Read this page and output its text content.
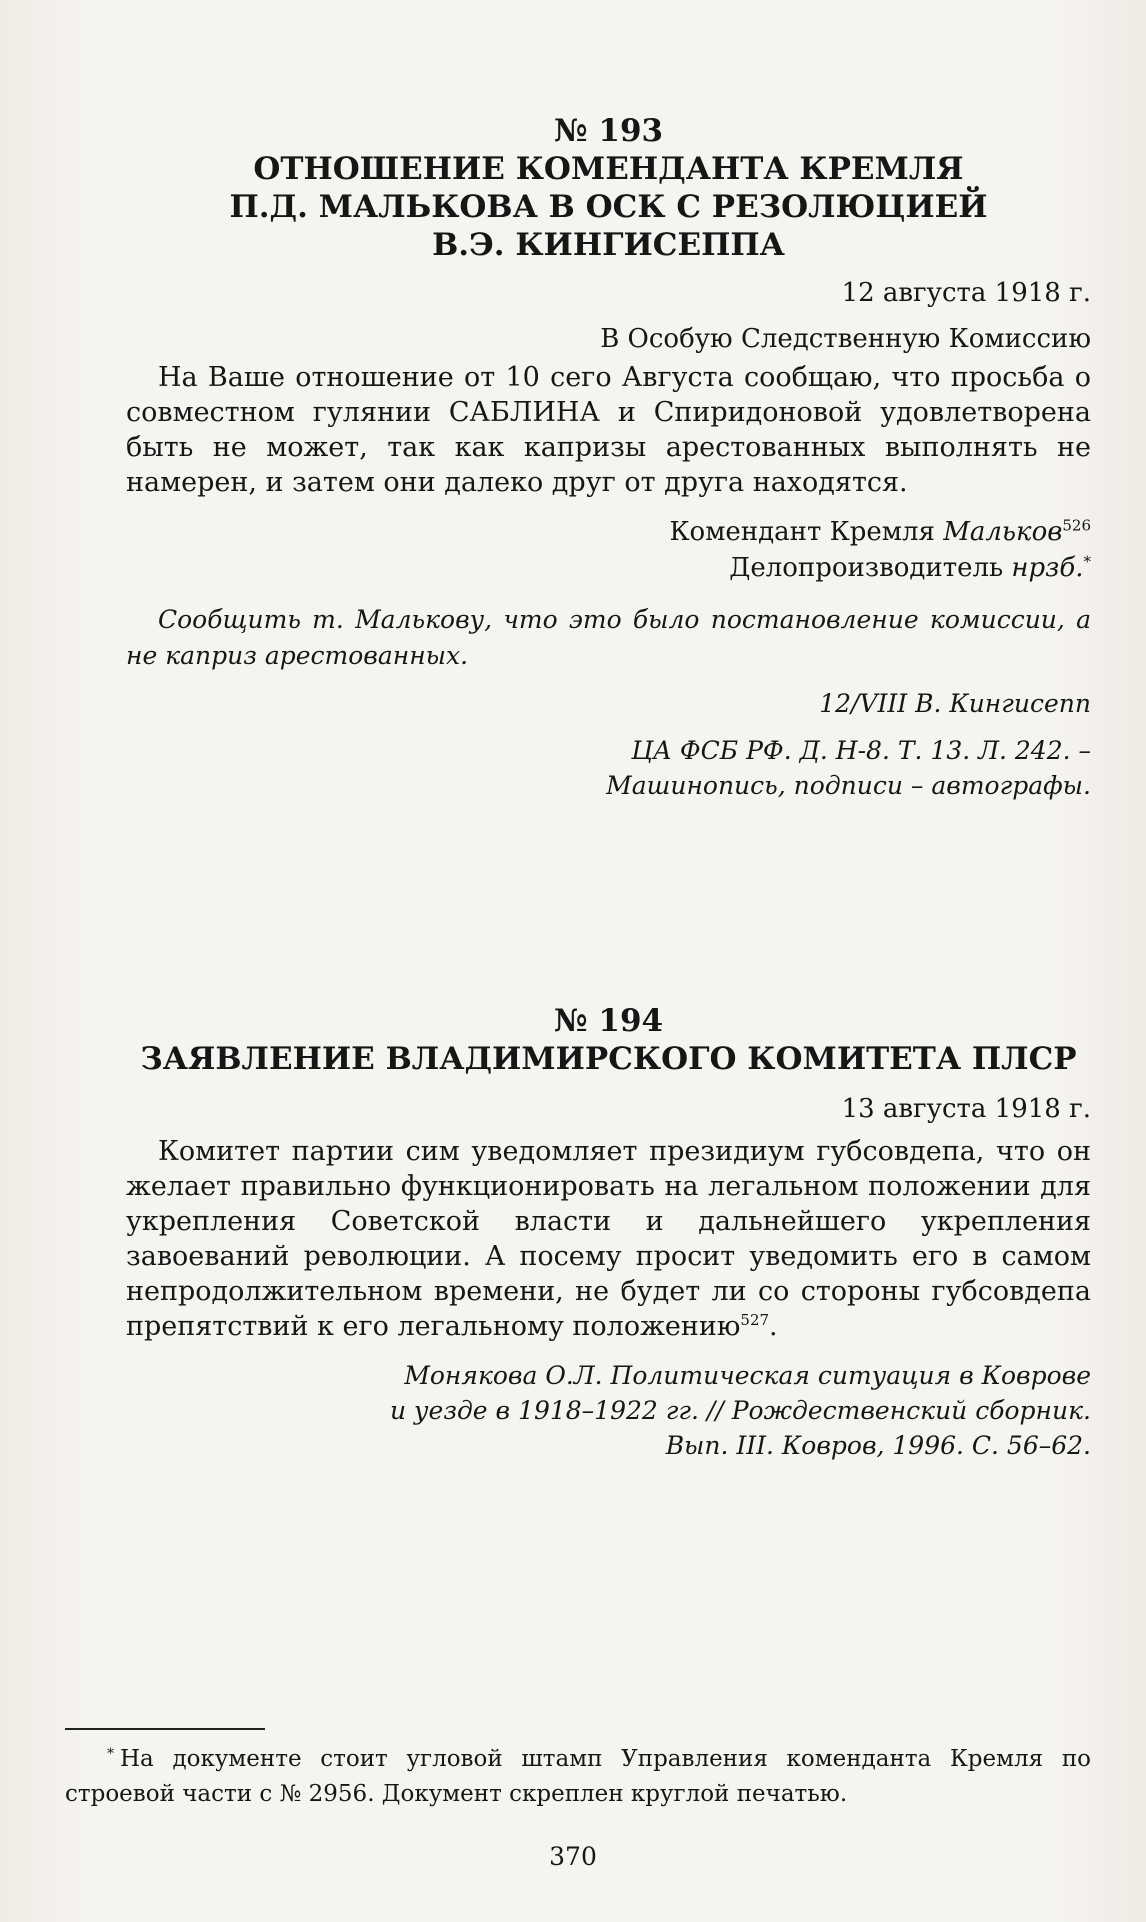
№ 193
ОТНОШЕНИЕ КОМЕНДАНТА КРЕМЛЯ
П.Д. МАЛЬКОВА В ОСК С РЕЗОЛЮЦИЕЙ
В.Э. КИНГИСЕППА
12 августа 1918 г.
В Особую Следственную Комиссию

На Ваше отношение от 10 сего Августа сообщаю, что просьба о совместном гулянии САБЛИНА и Спиридоновой удовлетворена быть не может, так как капризы арестованных выполнять не намерен, и затем они далеко друг от друга находятся.

Комендант Кремля Мальков$^{526}$
Делопроизводитель нрзб.*
Сообщить т. Малькову, что это было постановление комиссии, а не каприз арестованных.
12/VIII В. Кингисепп
ЦА ФСБ РФ. Д. Н-8. Т. 13. Л. 242. –
Машинопись, подписи – автографы.
№ 194
ЗАЯВЛЕНИЕ ВЛАДИМИРСКОГО КОМИТЕТА ПЛСР
13 августа 1918 г.

Комитет партии сим уведомляет президиум губсовдепа, что он желает правильно функционировать на легальном положении для укрепления Советской власти и дальнейшего укрепления завоеваний революции. А посему просит уведомить его в самом непродолжительном времени, не будет ли со стороны губсовдепа препятствий к его легальному положению$^{527}$.

Монякова О.Л. Политическая ситуация в Коврове
и уезде в 1918–1922 гг. // Рождественский сборник.
Вып. III. Ковров, 1996. С. 56–62.
* На документе стоит угловой штамп Управления коменданта Кремля по строевой части с № 2956. Документ скреплен круглой печатью.
370
